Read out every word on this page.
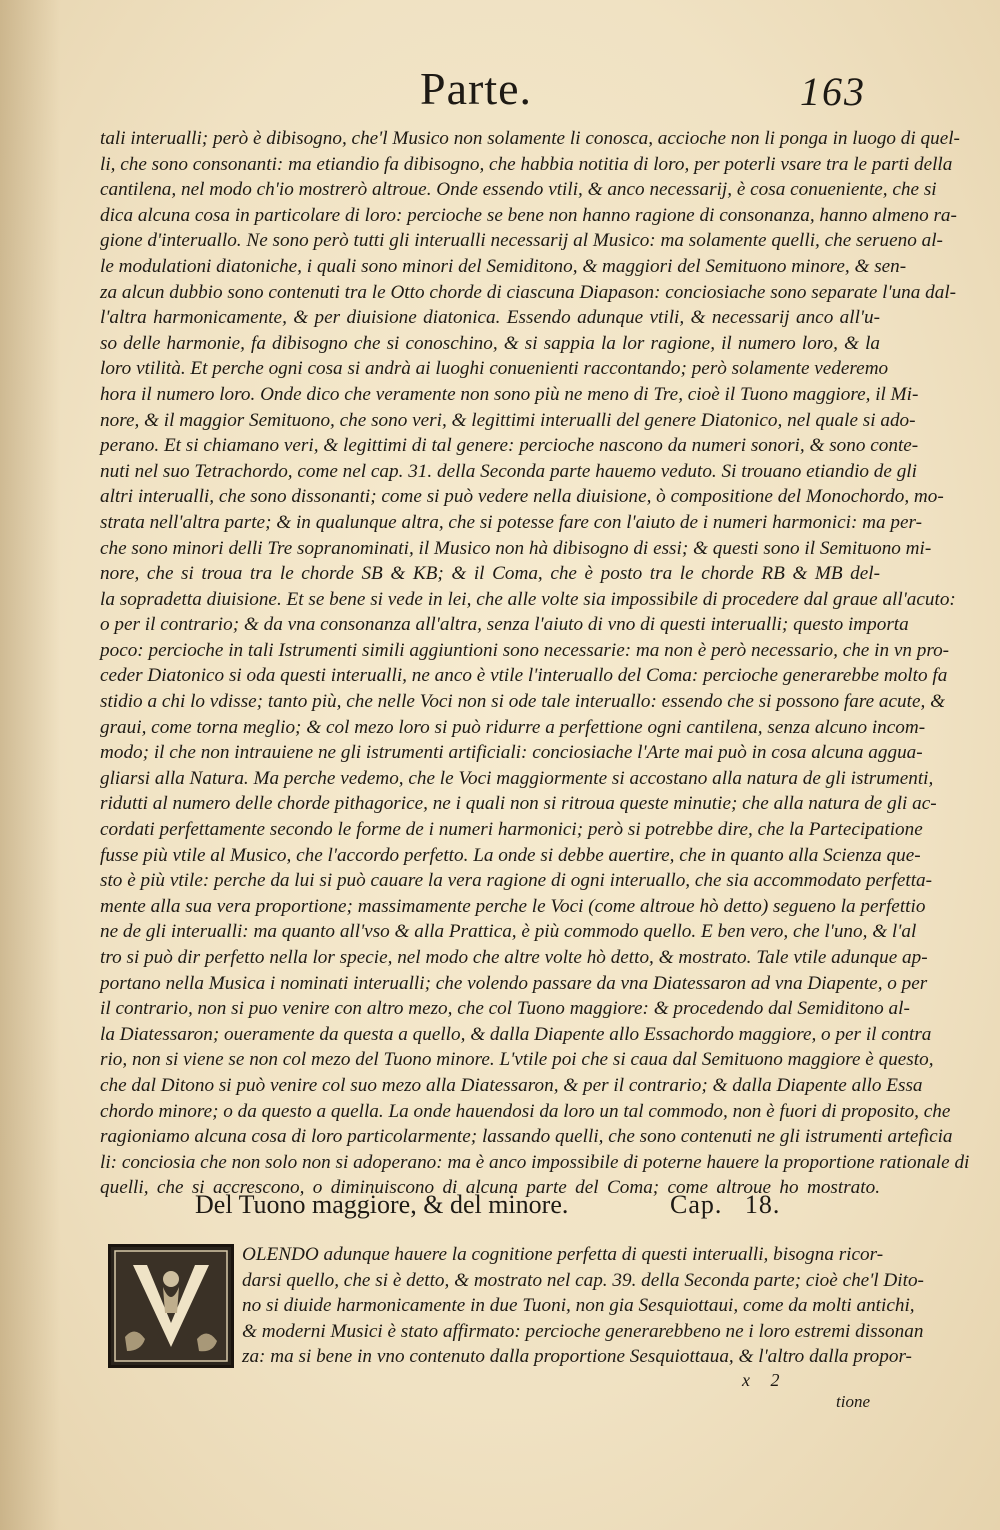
Parte.	163
tali interualli; però è dibisogno, che'l Musico non solamente li conosca, accioche non li ponga in luogo di quel-
li, che sono consonanti: ma etiandio fa dibisogno, che habbia notitia di loro, per poterli vsare tra le parti della
cantilena, nel modo ch'io mostrerò altroue. Onde essendo vtili, & anco necessarij, è cosa conueniente, che si
dica alcuna cosa in particolare di loro: percioche se bene non hanno ragione di consonanza, hanno almeno ra-
gione d'interuallo. Ne sono però tutti gli interualli necessarij al Musico: ma solamente quelli, che serueno al-
le modulationi diatoniche, i quali sono minori del Semiditono, & maggiori del Semituono minore, & sen-
za alcun dubbio sono contenuti tra le Otto chorde di ciascuna Diapason: conciosiache sono separate l'una dal-
l'altra harmonicamente, & per diuisione diatonica. Essendo adunque vtili, & necessarij anco all'u-
so delle harmonie, fa dibisogno che si conoschino, & si sappia la lor ragione, il numero loro, & la
loro vtilità. Et perche ogni cosa si andrà ai luoghi conuenienti raccontando; però solamente vederemo
hora il numero loro. Onde dico che veramente non sono più ne meno di Tre, cioè il Tuono maggiore, il Mi-
nore, & il maggior Semituono, che sono veri, & legittimi interualli del genere Diatonico, nel quale si ado-
perano. Et si chiamano veri, & legittimi di tal genere: percioche nascono da numeri sonori, & sono conte-
nuti nel suo Tetrachordo, come nel cap. 31. della Seconda parte hauemo veduto. Si trouano etiandio de gli
altri interualli, che sono dissonanti; come si può vedere nella diuisione, ò compositione del Monochordo, mo-
strata nell'altra parte; & in qualunque altra, che si potesse fare con l'aiuto de i numeri harmonici: ma per-
che sono minori delli Tre sopranominati, il Musico non hà dibisogno di essi; & questi sono il Semituono mi-
nore, che si troua tra le chorde SB & KB; & il Coma, che è posto tra le chorde RB & MB del-
la sopradetta diuisione. Et se bene si vede in lei, che alle volte sia impossibile di procedere dal graue all'acuto:
o per il contrario; & da vna consonanza all'altra, senza l'aiuto di vno di questi interualli; questo importa
poco: percioche in tali Istrumenti simili aggiuntioni sono necessarie: ma non è però necessario, che in vn pro-
ceder Diatonico si oda questi interualli, ne anco è vtile l'interuallo del Coma: percioche generarebbe molto fa
stidio a chi lo vdisse; tanto più, che nelle Voci non si ode tale interuallo: essendo che si possono fare acute, &
graui, come torna meglio; & col mezo loro si può ridurre a perfettione ogni cantilena, senza alcuno incom-
modo; il che non intrauiene ne gli istrumenti artificiali: conciosiache l'Arte mai può in cosa alcuna aggua-
gliarsi alla Natura. Ma perche vedemo, che le Voci maggiormente si accostano alla natura de gli istrumenti,
ridutti al numero delle chorde pithagorice, ne i quali non si ritroua queste minutie; che alla natura de gli ac-
cordati perfettamente secondo le forme de i numeri harmonici; però si potrebbe dire, che la Partecipatione
fusse più vtile al Musico, che l'accordo perfetto. La onde si debbe auertire, che in quanto alla Scienza que-
sto è più vtile: perche da lui si può cauare la vera ragione di ogni interuallo, che sia accommodato perfetta-
mente alla sua vera proportione; massimamente perche le Voci (come altroue hò detto) segueno la perfettio
ne de gli interualli: ma quanto all'vso & alla Prattica, è più commodo quello. E ben vero, che l'uno, & l'al
tro si può dir perfetto nella lor specie, nel modo che altre volte hò detto, & mostrato. Tale vtile adunque ap-
portano nella Musica i nominati interualli; che volendo passare da vna Diatessaron ad vna Diapente, o per
il contrario, non si puo venire con altro mezo, che col Tuono maggiore: & procedendo dal Semiditono al-
la Diatessaron; oueramente da questa a quello, & dalla Diapente allo Essachordo maggiore, o per il contra
rio, non si viene se non col mezo del Tuono minore. L'vtile poi che si caua dal Semituono maggiore è questo,
che dal Ditono si può venire col suo mezo alla Diatessaron, & per il contrario; & dalla Diapente allo Essa
chordo minore; o da questo a quella. La onde hauendosi da loro un tal commodo, non è fuori di proposito, che
ragioniamo alcuna cosa di loro particolarmente; lassando quelli, che sono contenuti ne gli istrumenti artefìcia
li: conciosia che non solo non si adoperano: ma è anco impossibile di poterne hauere la proportione rationale di
quelli, che si accrescono, o diminuiscono di alcuna parte del Coma; come altroue ho mostrato.
Del Tuono maggiore, & del minore.	Cap.   18.
OLENDO adunque hauere la cognitione perfetta di questi interualli, bisogna ricor-
darsi quello, che si è detto, & mostrato nel cap. 39. della Seconda parte; cioè che'l Dito-
no si diuide harmonicamente in due Tuoni, non gia Sesquiottaui, come da molti antichi,
& moderni Musici è stato affirmato: percioche generarebbeno ne i loro estremi dissonan
za: ma si bene in vno contenuto dalla proportione Sesquiottaua, & l'altro dalla propor-
x 2
tione
